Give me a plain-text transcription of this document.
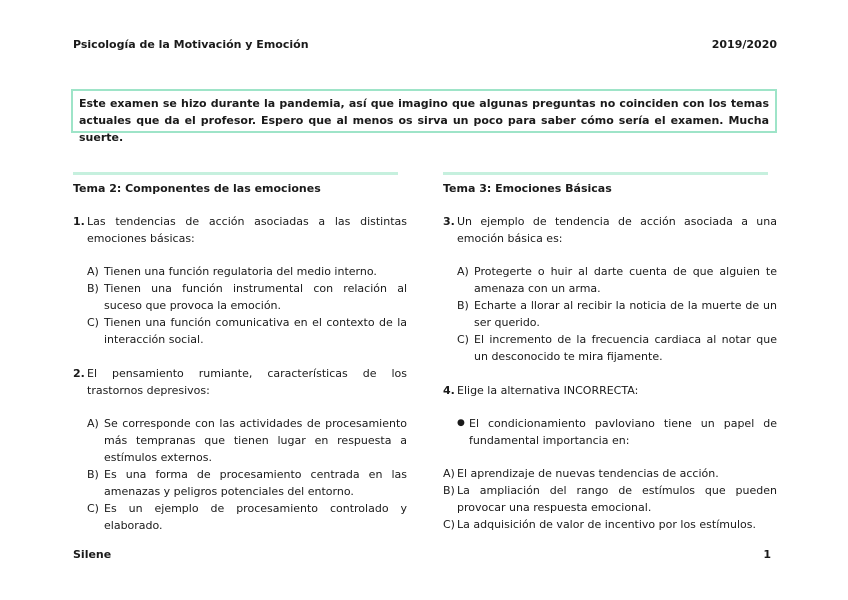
Psicología de la Motivación y Emoción	2019/2020
Este examen se hizo durante la pandemia, así que imagino que algunas preguntas no coinciden con los temas actuales que da el profesor. Espero que al menos os sirva un poco para saber cómo sería el examen. Mucha suerte.
Tema 2: Componentes de las emociones
1. Las tendencias de acción asociadas a las distintas emociones básicas:
A) Tienen una función regulatoria del medio interno.
B) Tienen una función instrumental con relación al suceso que provoca la emoción.
C) Tienen una función comunicativa en el contexto de la interacción social.
2. El pensamiento rumiante, características de los trastornos depresivos:
A) Se corresponde con las actividades de procesamiento más tempranas que tienen lugar en respuesta a estímulos externos.
B) Es una forma de procesamiento centrada en las amenazas y peligros potenciales del entorno.
C) Es un ejemplo de procesamiento controlado y elaborado.
Tema 3: Emociones Básicas
3. Un ejemplo de tendencia de acción asociada a una emoción básica es:
A) Protegerte o huir al darte cuenta de que alguien te amenaza con un arma.
B) Echarte a llorar al recibir la noticia de la muerte de un ser querido.
C) El incremento de la frecuencia cardiaca al notar que un desconocido te mira fijamente.
4. Elige la alternativa INCORRECTA:
● El condicionamiento pavloviano tiene un papel de fundamental importancia en:
A) El aprendizaje de nuevas tendencias de acción.
B) La ampliación del rango de estímulos que pueden provocar una respuesta emocional.
C) La adquisición de valor de incentivo por los estímulos.
Silene	1
